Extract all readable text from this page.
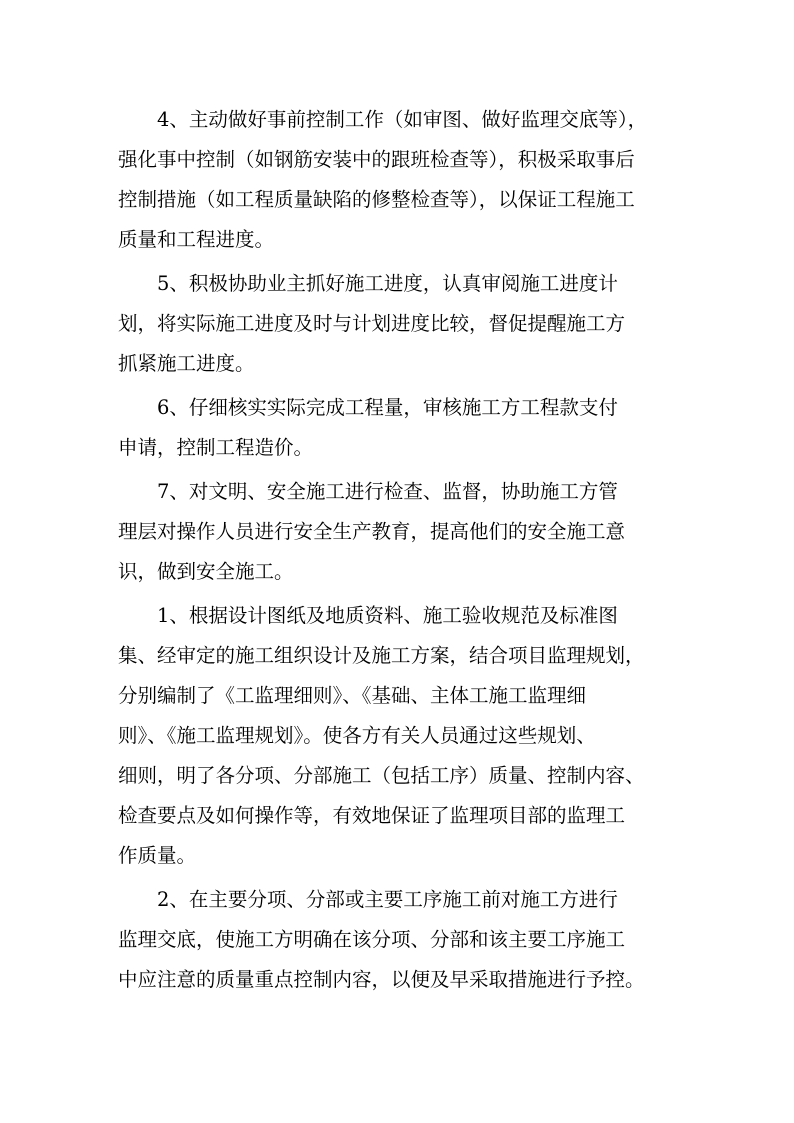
　　4、主动做好事前控制工作（如审图、做好监理交底等），
强化事中控制（如钢筋安装中的跟班检查等），积极采取事后
控制措施（如工程质量缺陷的修整检查等），以保证工程施工
质量和工程进度。
　　5、积极协助业主抓好施工进度，认真审阅施工进度计
划，将实际施工进度及时与计划进度比较，督促提醒施工方
抓紧施工进度。
　　6、仔细核实实际完成工程量，审核施工方工程款支付
申请，控制工程造价。
　　7、对文明、安全施工进行检查、监督，协助施工方管
理层对操作人员进行安全生产教育，提高他们的安全施工意
识，做到安全施工。
　　1、根据设计图纸及地质资料、施工验收规范及标准图
集、经审定的施工组织设计及施工方案，结合项目监理规划，
分别编制了《工监理细则》、《基础、主体工施工监理细
则》、《施工监理规划》。使各方有关人员通过这些规划、
细则，明了各分项、分部施工（包括工序）质量、控制内容、
检查要点及如何操作等，有效地保证了监理项目部的监理工
作质量。
　　2、在主要分项、分部或主要工序施工前对施工方进行
监理交底，使施工方明确在该分项、分部和该主要工序施工
中应注意的质量重点控制内容，以便及早采取措施进行予控。
